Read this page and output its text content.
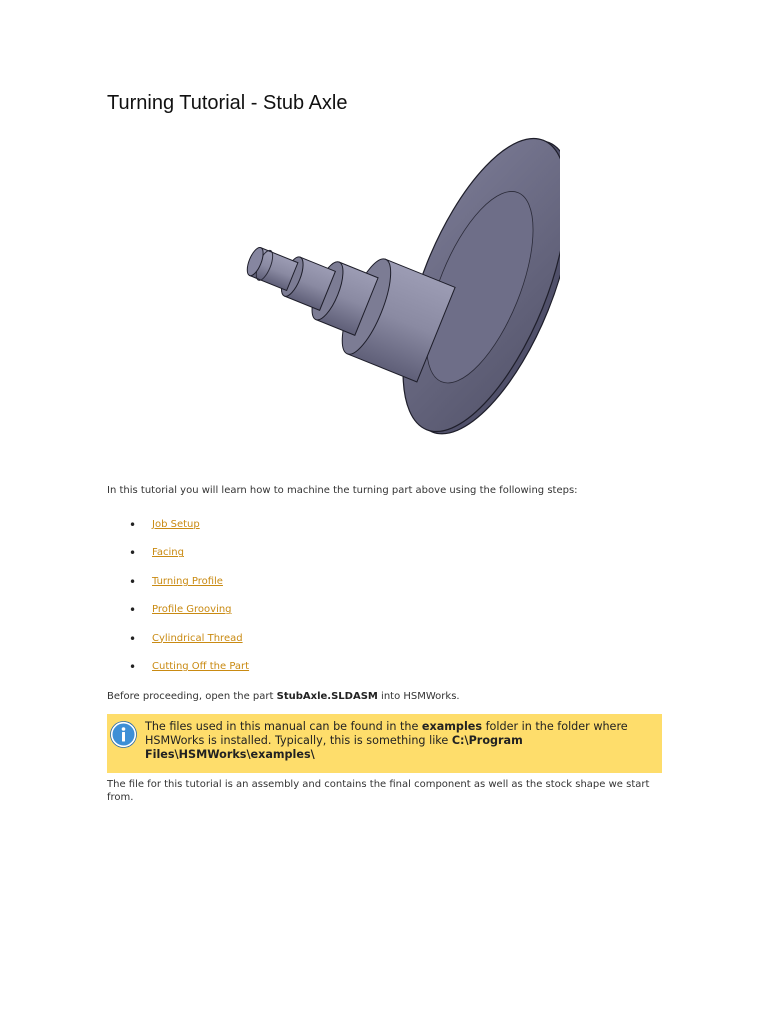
Turning Tutorial - Stub Axle
In this tutorial you will learn how to machine the turning part above using the following steps:
• Job Setup
• Facing
• Turning Profile
• Profile Grooving
• Cylindrical Thread
• Cutting Off the Part
Before proceeding, open the part StubAxle.SLDASM into HSMWorks.
The files used in this manual can be found in the examples folder in the folder where HSMWorks is installed. Typically, this is something like C:\Program Files\HSMWorks\examples\
The file for this tutorial is an assembly and contains the final component as well as the stock shape we start from.
